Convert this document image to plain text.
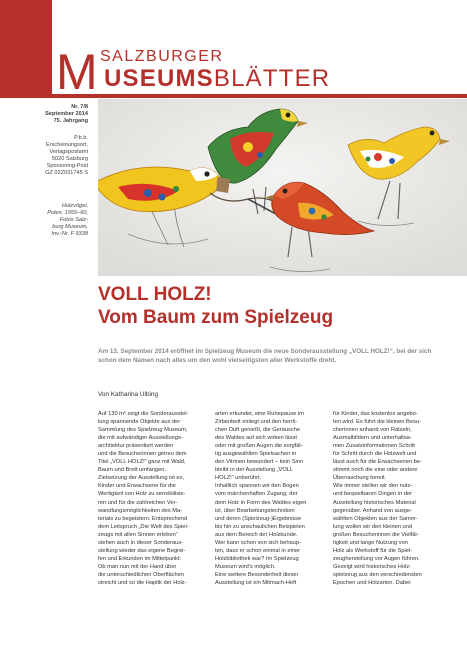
M SALZBURGER
USEUMSBLÄTTER
Nr. 7/8
September 2014
75. Jahrgang
P.b.b.
Erscheinungsort,
Verlagspostamt
5020 Salzburg
Sponsoring-Post
GZ 02Z031745 S
Holzvögel,
Polen, 1955–60,
Fotos Salz-
burg Museum,
Inv.-Nr. F 9338
VOLL HOLZ!
Vom Baum zum Spielzeug

Am 13. September 2014 eröffnet im Spielzeug Museum die neue Sonderausstellung „VOLL HOLZ!“, bei der sich schon dem Namen nach alles um den wohl vielseitigsten aller Werkstoffe dreht.

Von Katharina Ulbing

Auf 130 m² zeigt die Sonderausstel-
lung spannende Objekte aus der
Sammlung des Spielzeug Museum,
die mit aufwändiger Ausstellungs-
architektur präsentiert werden
und die Besucherinnen getreu dem
Titel „VOLL HOLZ!“ ganz mit Wald,
Baum und Brett umfangen.
Zielsetzung der Ausstellung ist es,
Kinder und Erwachsene für die
Wertigkeit von Holz zu sensibilisie-
ren und für die zahlreichen Ver-
wandlungsmöglichkeiten des Ma-
terials zu begeistern. Entsprechend
dem Leitspruch „Die Welt des Spiel-
zeugs mit allen Sinnen erleben“
stehen auch in dieser Sonderaus-
stellung wieder das eigene Begrei-
fen und Erkunden im Mittelpunkt:
Ob man nun mit der Hand über
die unterschiedlichen Oberflächen
streicht und so die Haptik der Holz-

arten erkundet, eine Ruhepause im
Zirbenbett einlegt und den herrli-
chen Duft genießt, die Geräusche
des Waldes auf sich wirken lässt
oder mit großen Augen die sorgfäl-
tig ausgewählten Spielsachen in
den Vitrinen bewundert – kein Sinn
bleibt in der Ausstellung „VOLL
HOLZ!“ unberührt.
Inhaltlich spannen wir den Bogen
vom märchenhaften Zugang, der
dem Holz in Form des Waldes eigen
ist, über Bearbeitungstechniken
und deren (Spielzeug-)Ergebnisse
bis hin zu anschaulichen Beispielen
aus dem Bereich der Holzkunde.
Wer kann schon von sich behaup-
ten, dass er schon einmal in einer
Holzbibliothek war? Im Spielzeug
Museum wird’s möglich.
Eine weitere Besonderheit dieser
Ausstellung ist ein Mitmach-Heft

für Kinder, das kostenlos angebo-
ten wird. Es führt die kleinen Besu-
cherinnen anhand von Rätseln,
Ausmalbildern und unterhaltsa-
men Zusatzinformationen Schritt
für Schritt durch die Holzwelt und
lässt auch für die Erwachsenen be-
stimmt noch die eine oder andere
Überraschung bereit.
Wie immer stellen wir den nutz-
und bespielbaren Dingen in der
Ausstellung historisches Material
gegenüber. Anhand von ausge-
wählten Objekten aus der Samm-
lung wollen wir den kleinen und
großen Besucherinnen die Vielfäl-
tigkeit und lange Nutzung von
Holz als Werkstoff für die Spiel-
zeugherstellung vor Augen führen.
Gezeigt wird historisches Holz-
spielzeug aus den verschiedensten
Epochen und Holzarten. Dabei
